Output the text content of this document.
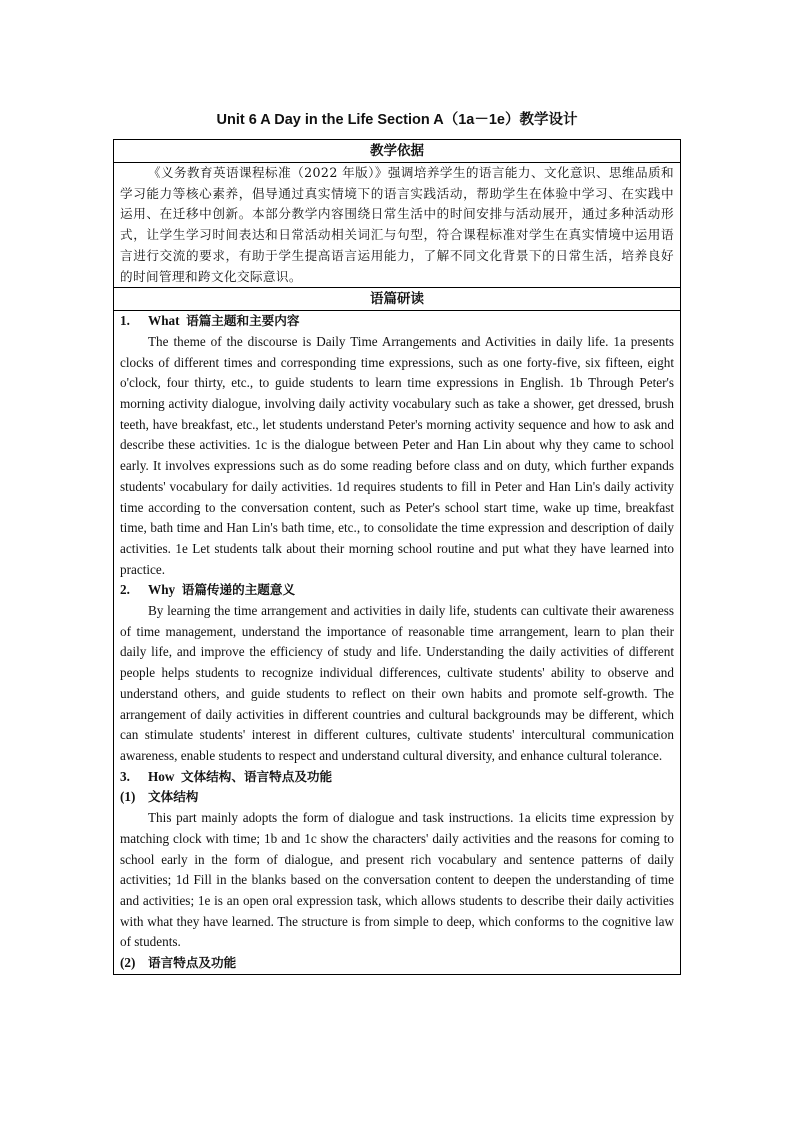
Unit 6 A Day in the Life Section A（1a－1e）教学设计
教学依据

《义务教育英语课程标准（2022 年版）》强调培养学生的语言能力、文化意识、思维品质和学习能力等核心素养，倡导通过真实情境下的语言实践活动，帮助学生在体验中学习、在实践中运用、在迁移中创新。本部分教学内容围绕日常生活中的时间安排与活动展开，通过多种活动形式，让学生学习时间表达和日常活动相关词汇与句型，符合课程标准对学生在真实情境中运用语言进行交流的要求，有助于学生提高语言运用能力，了解不同文化背景下的日常生活，培养良好的时间管理和跨文化交际意识。

语篇研读

1. What 语篇主题和主要内容

The theme of the discourse is Daily Time Arrangements and Activities in daily life. 1a presents clocks of different times and corresponding time expressions, such as one forty-five, six fifteen, eight o'clock, four thirty, etc., to guide students to learn time expressions in English. 1b Through Peter's morning activity dialogue, involving daily activity vocabulary such as take a shower, get dressed, brush teeth, have breakfast, etc., let students understand Peter's morning activity sequence and how to ask and describe these activities. 1c is the dialogue between Peter and Han Lin about why they came to school early. It involves expressions such as do some reading before class and on duty, which further expands students' vocabulary for daily activities. 1d requires students to fill in Peter and Han Lin's daily activity time according to the conversation content, such as Peter's school start time, wake up time, breakfast time, bath time and Han Lin's bath time, etc., to consolidate the time expression and description of daily activities. 1e Let students talk about their morning school routine and put what they have learned into practice.

2. Why 语篇传递的主题意义

By learning the time arrangement and activities in daily life, students can cultivate their awareness of time management, understand the importance of reasonable time arrangement, learn to plan their daily life, and improve the efficiency of study and life. Understanding the daily activities of different people helps students to recognize individual differences, cultivate students' ability to observe and understand others, and guide students to reflect on their own habits and promote self-growth. The arrangement of daily activities in different countries and cultural backgrounds may be different, which can stimulate students' interest in different cultures, cultivate students' intercultural communication awareness, enable students to respect and understand cultural diversity, and enhance cultural tolerance.

3. How 文体结构、语言特点及功能

(1) 文体结构

This part mainly adopts the form of dialogue and task instructions. 1a elicits time expression by matching clock with time; 1b and 1c show the characters' daily activities and the reasons for coming to school early in the form of dialogue, and present rich vocabulary and sentence patterns of daily activities; 1d Fill in the blanks based on the conversation content to deepen the understanding of time and activities; 1e is an open oral expression task, which allows students to describe their daily activities with what they have learned. The structure is from simple to deep, which conforms to the cognitive law of students.

(2) 语言特点及功能
